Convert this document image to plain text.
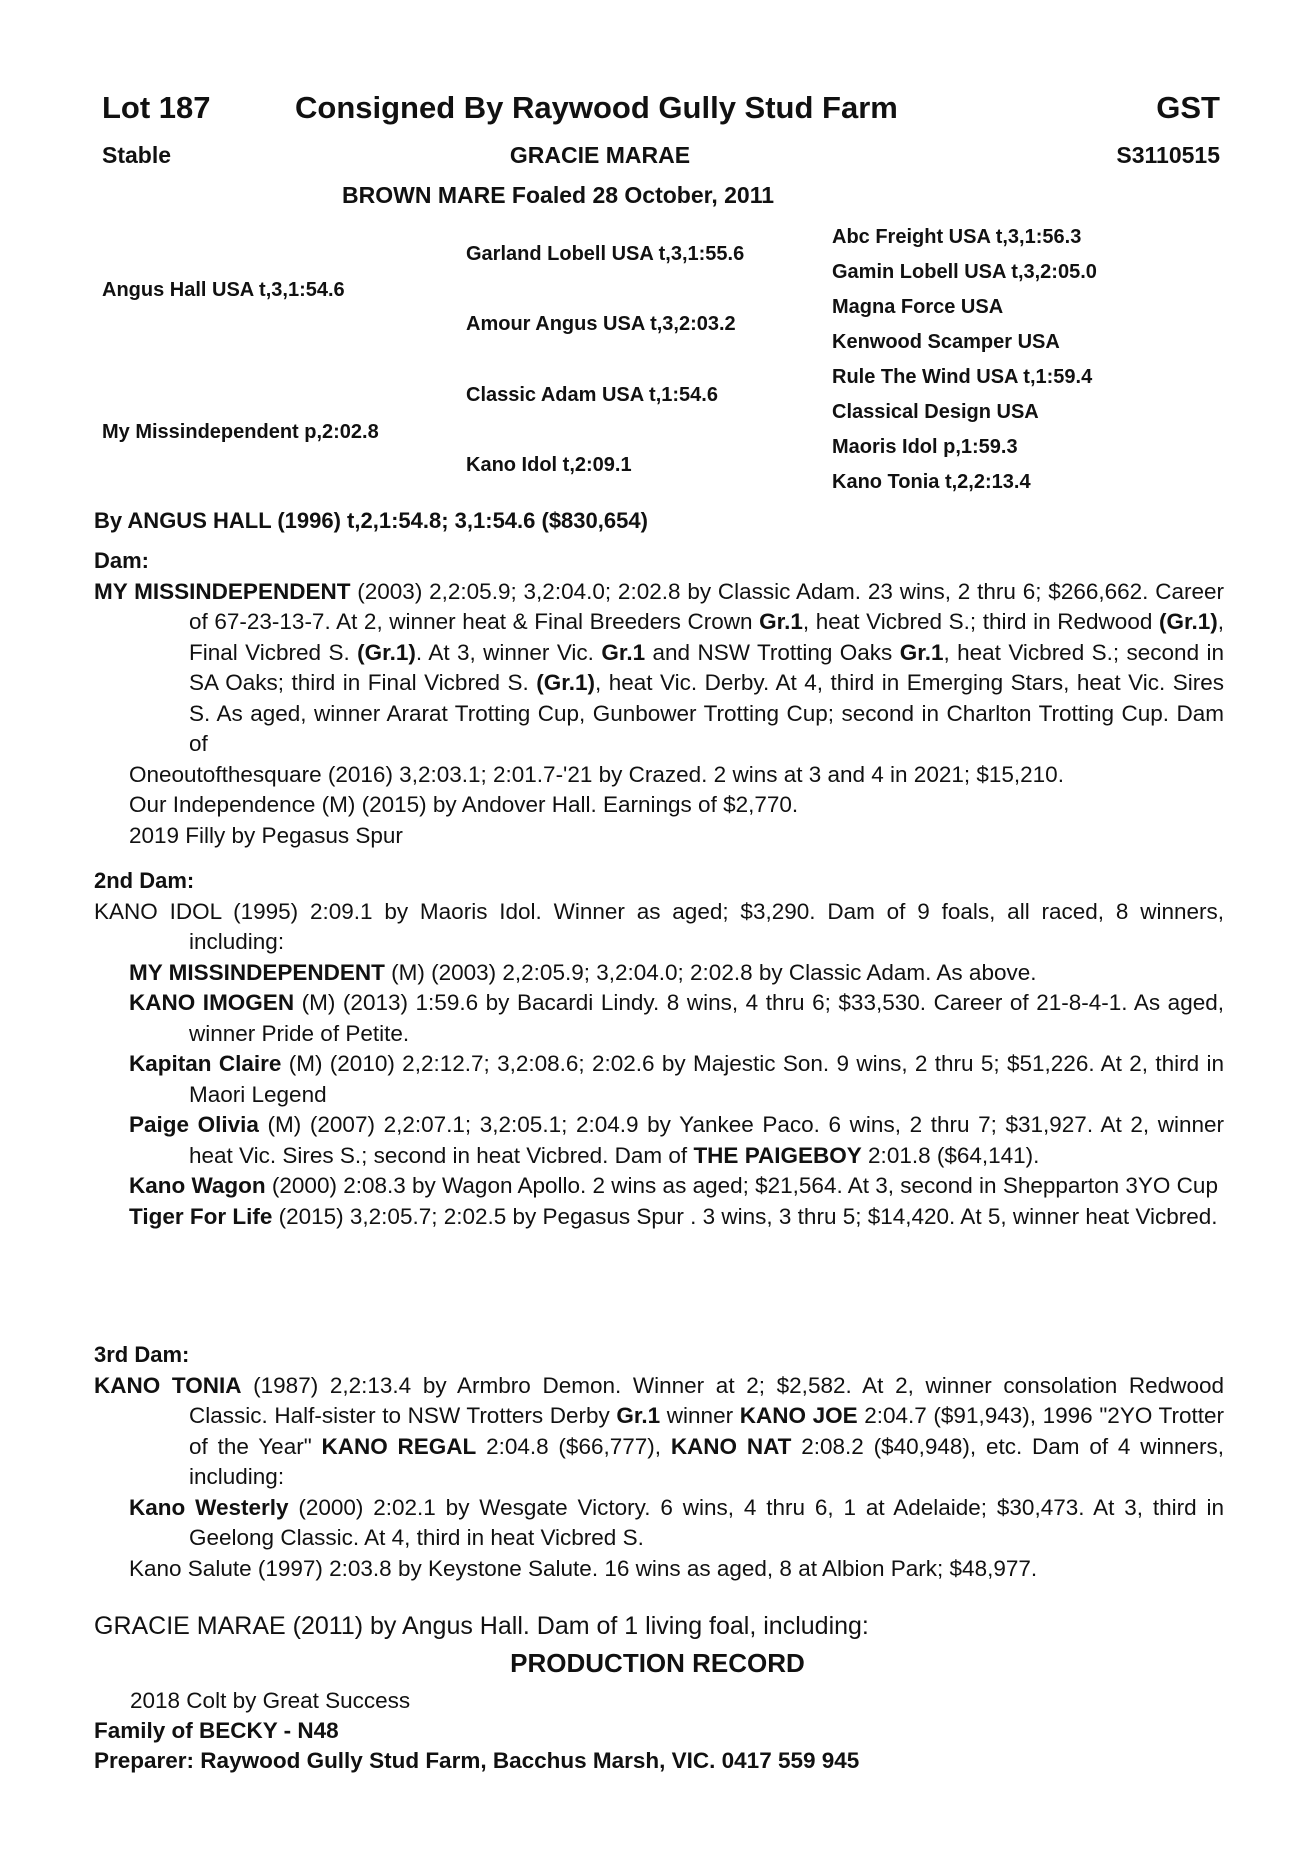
Lot 187	Consigned By Raywood Gully Stud Farm	GST
Stable	GRACIE MARAE	S3110515
BROWN MARE Foaled 28 October, 2011
Angus Hall USA t,3,1:54.6
My Missindependent p,2:02.8
Garland Lobell USA t,3,1:55.6
Amour Angus USA t,3,2:03.2
Classic Adam USA t,1:54.6
Kano Idol t,2:09.1
Abc Freight USA t,3,1:56.3
Gamin Lobell USA t,3,2:05.0
Magna Force USA
Kenwood Scamper USA
Rule The Wind USA t,1:59.4
Classical Design USA
Maoris Idol p,1:59.3
Kano Tonia t,2,2:13.4
By ANGUS HALL (1996) t,2,1:54.8; 3,1:54.6 ($830,654)

Dam:

MY MISSINDEPENDENT (2003) 2,2:05.9; 3,2:04.0; 2:02.8 by Classic Adam. 23 wins, 2 thru 6; $266,662. Career of 67-23-13-7. At 2, winner heat & Final Breeders Crown Gr.1, heat Vicbred S.; third in Redwood (Gr.1), Final Vicbred S. (Gr.1). At 3, winner Vic. Gr.1 and NSW Trotting Oaks Gr.1, heat Vicbred S.; second in SA Oaks; third in Final Vicbred S. (Gr.1), heat Vic. Derby. At 4, third in Emerging Stars, heat Vic. Sires S. As aged, winner Ararat Trotting Cup, Gunbower Trotting Cup; second in Charlton Trotting Cup. Dam of

Oneoutofthesquare (2016) 3,2:03.1; 2:01.7-'21 by Crazed. 2 wins at 3 and 4 in 2021; $15,210.

Our Independence (M) (2015) by Andover Hall. Earnings of $2,770.

2019 Filly by Pegasus Spur

2nd Dam:

KANO IDOL (1995) 2:09.1 by Maoris Idol. Winner as aged; $3,290. Dam of 9 foals, all raced, 8 winners, including:

MY MISSINDEPENDENT (M) (2003) 2,2:05.9; 3,2:04.0; 2:02.8 by Classic Adam. As above.

KANO IMOGEN (M) (2013) 1:59.6 by Bacardi Lindy. 8 wins, 4 thru 6; $33,530. Career of 21-8-4-1. As aged, winner Pride of Petite.

Kapitan Claire (M) (2010) 2,2:12.7; 3,2:08.6; 2:02.6 by Majestic Son. 9 wins, 2 thru 5; $51,226. At 2, third in Maori Legend

Paige Olivia (M) (2007) 2,2:07.1; 3,2:05.1; 2:04.9 by Yankee Paco. 6 wins, 2 thru 7; $31,927. At 2, winner heat Vic. Sires S.; second in heat Vicbred. Dam of THE PAIGEBOY 2:01.8 ($64,141).

Kano Wagon (2000) 2:08.3 by Wagon Apollo. 2 wins as aged; $21,564. At 3, second in Shepparton 3YO Cup

Tiger For Life (2015) 3,2:05.7; 2:02.5 by Pegasus Spur . 3 wins, 3 thru 5; $14,420. At 5, winner heat Vicbred.

3rd Dam:

KANO TONIA (1987) 2,2:13.4 by Armbro Demon. Winner at 2; $2,582. At 2, winner consolation Redwood Classic. Half-sister to NSW Trotters Derby Gr.1 winner KANO JOE 2:04.7 ($91,943), 1996 "2YO Trotter of the Year" KANO REGAL 2:04.8 ($66,777), KANO NAT 2:08.2 ($40,948), etc. Dam of 4 winners, including:

Kano Westerly (2000) 2:02.1 by Wesgate Victory. 6 wins, 4 thru 6, 1 at Adelaide; $30,473. At 3, third in Geelong Classic. At 4, third in heat Vicbred S.

Kano Salute (1997) 2:03.8 by Keystone Salute. 16 wins as aged, 8 at Albion Park; $48,977.

GRACIE MARAE (2011) by Angus Hall. Dam of 1 living foal, including:
PRODUCTION RECORD
2018 Colt by Great Success
Family of BECKY - N48
Preparer: Raywood Gully Stud Farm, Bacchus Marsh, VIC. 0417 559 945
